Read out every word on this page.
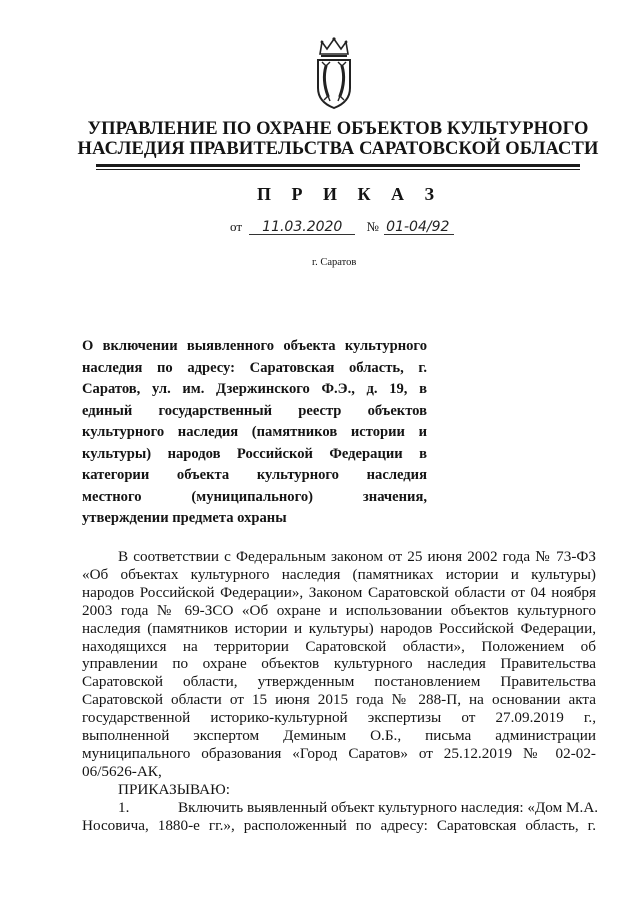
УПРАВЛЕНИЕ ПО ОХРАНЕ ОБЪЕКТОВ КУЛЬТУРНОГО
НАСЛЕДИЯ ПРАВИТЕЛЬСТВА САРАТОВСКОЙ ОБЛАСТИ
П Р И К А З
от 11.03.2020 № 01-04/92
г. Саратов
О включении выявленного объекта культурного
наследия по адресу: Саратовская область, г.
Саратов, ул. им. Дзержинского Ф.Э., д. 19, в
единый государственный реестр объектов
культурного наследия (памятников истории и
культуры) народов Российской Федерации в
категории объекта культурного наследия
местного (муниципального) значения,
утверждении предмета охраны
В соответствии с Федеральным законом от 25 июня 2002 года № 73-ФЗ
«Об объектах культурного наследия (памятниках истории и культуры)
народов Российской Федерации», Законом Саратовской области от 04 ноября
2003 года № 69-ЗСО «Об охране и использовании объектов культурного
наследия (памятников истории и культуры) народов Российской Федерации,
находящихся на территории Саратовской области», Положением об
управлении по охране объектов культурного наследия Правительства
Саратовской области, утвержденным постановлением Правительства
Саратовской области от 15 июня 2015 года № 288-П, на основании акта
государственной историко-культурной экспертизы от 27.09.2019 г.,
выполненной экспертом Деминым О.Б., письма администрации
муниципального образования «Город Саратов» от 25.12.2019 № 02-02-
06/5626-АК,
ПРИКАЗЫВАЮ:
1.	Включить выявленный объект культурного наследия: «Дом М.А.
Носовича, 1880-е гг.», расположенный по адресу: Саратовская область, г.
